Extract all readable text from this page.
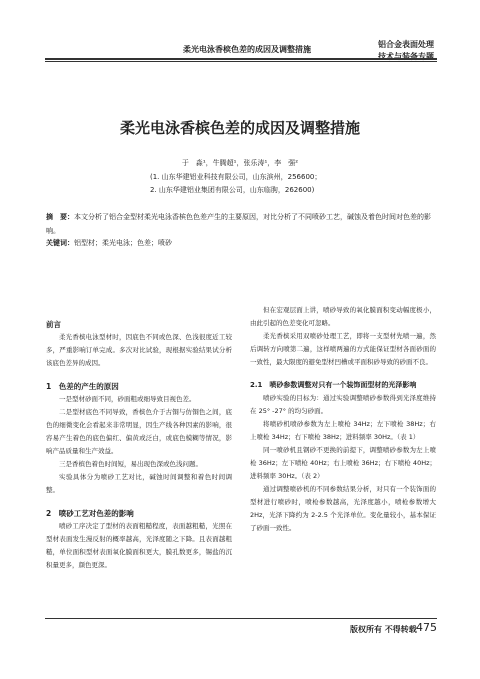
柔光电泳香槟色差的成因及调整措施
铝合金表面处理
技术与装备专题
柔光电泳香槟色差的成因及调整措施
于　淼¹，牛腾超¹，张乐涛¹，李　强²
(1. 山东华建铝业科技有限公司，山东滨州，256600；
2. 山东华建铝业集团有限公司，山东临朐，262600)
摘　要：本文分析了铝合金型材柔光电泳香槟色色差产生的主要原因，对比分析了不同喷砂工艺，碱蚀及着色时间对色差的影响。
关键词：铝型材；柔光电泳；色差；喷砂
前言

柔光香槟电泳型材时，因底色不同或色深、色浅很度近工较多，严重影响订单完成。多次对比试验，现根据实验结果试分析该底色差异的成因。

1　色差的产生的原因

一是型材砂面不同，砂面粗或细导致目视色差。

二是型材底色不同导致，香槟色介于古铜与仿铜色之间，底色的细微变化会看起来非常明显，因生产线各种因素的影响，很容易产生着色的底色偏红、偏黄或泛白，或底色模糊等情况，影响产品质量和生产效益。

三是香槟色着色时间短，易出现色深或色浅问题。

实验具体分为喷砂工艺对比，碱蚀时间调整和着色时间调整。

2　喷砂工艺对色差的影响

喷砂工序决定了型材的表面粗糙程度，表面越粗糙，光照在型材表面发生漫反射的概率越高，光泽度随之下降。且表面越粗糙，单位面积型材表面氧化膜面积更大，膜孔数更多，锡盐的沉积量更多，颜色更深。

但在宏观层面上讲，喷砂导致的氧化膜面积变动幅度极小，由此引起的色差变化可忽略。

柔光香槟采用双喷砂处理工艺，即将一支型材先喷一遍，然后调转方向喷第二遍，这样喷两遍的方式能保证型材各面砂面的一致性，最大限度的避免型材凹槽或平面积砂导致的砂面不良。

2.1　喷砂参数调整对只有一个装饰面型材的光泽影响

喷砂实验的目标为：通过实验调整喷砂参数得到光泽度维持在 25° -27° 的均匀砂面。

将喷砂机喷砂参数为左上喷枪 34Hz；左下喷枪 38Hz；右上喷枪 34Hz；右下喷枪 38Hz；进料频率 30Hz。（表 1）

同一喷砂机且钢砂不更换的前提下，调整喷砂参数为左上喷枪 36Hz；左下喷枪 40Hz；右上喷枪 36Hz；右下喷枪 40Hz；进料频率 30Hz。（表 2）

通过调整喷砂机的不同参数结果分析，对只有一个装饰面的型材进行喷砂时，喷枪参数越高，光泽度越小，喷枪参数增大 2Hz，光泽下降约为 2-2.5 个光泽单位。变化量较小，基本保证了砂面一致性。

版权所有 不得转载 475
